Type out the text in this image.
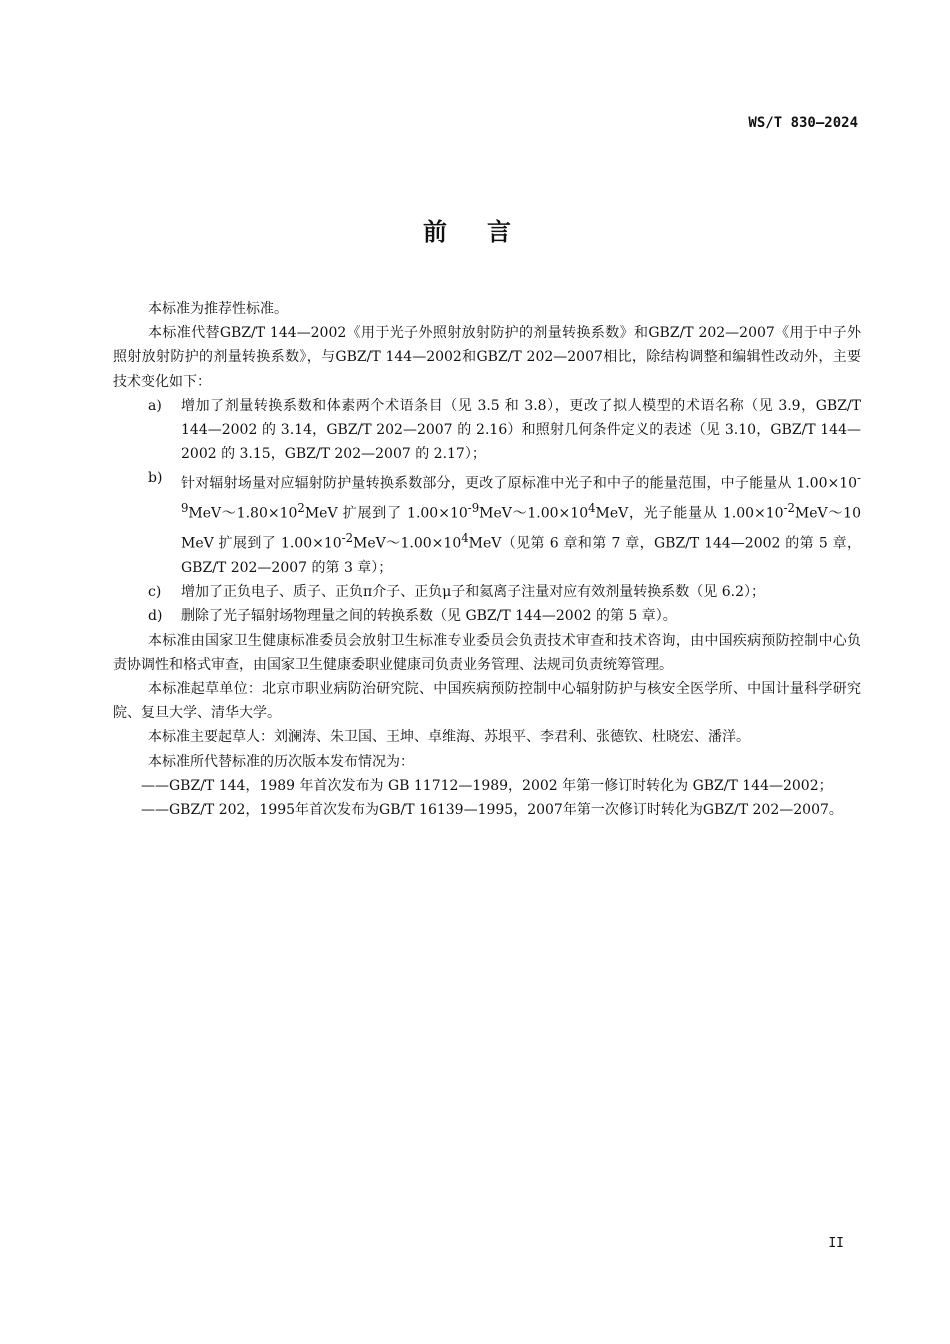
WS/T 830—2024
前言

本标准为推荐性标准。

本标准代替GBZ/T 144—2002《用于光子外照射放射防护的剂量转换系数》和GBZ/T 202—2007《用于中子外照射放射防护的剂量转换系数》，与GBZ/T 144—2002和GBZ/T 202—2007相比，除结构调整和编辑性改动外，主要技术变化如下：

a) 增加了剂量转换系数和体素两个术语条目（见 3.5 和 3.8），更改了拟人模型的术语名称（见 3.9，GBZ/T 144—2002 的 3.14，GBZ/T 202—2007 的 2.16）和照射几何条件定义的表述（见 3.10，GBZ/T 144—2002 的 3.15，GBZ/T 202—2007 的 2.17）；
b) 针对辐射场量对应辐射防护量转换系数部分，更改了原标准中光子和中子的能量范围，中子能量从 $1.00\times 10^{-9}MeV\sim 1.80\times 10^2MeV$ 扩展到了 $1.00\times 10^{-9}MeV\sim 1.00\times 10^4MeV$，光子能量从 $1.00\times 10^{-2}MeV\sim 10$ MeV 扩展到了 $1.00\times 10^{-2}MeV\sim 1.00\times 10^4MeV$（见第 6 章和第 7 章，GBZ/T 144—2002 的第 5 章，GBZ/T 202—2007 的第 3 章）；
c) 增加了正负电子、质子、正负π介子、正负μ子和氦离子注量对应有效剂量转换系数（见 6.2）；
d) 删除了光子辐射场物理量之间的转换系数（见 GBZ/T 144—2002 的第 5 章）。

本标准由国家卫生健康标准委员会放射卫生标准专业委员会负责技术审查和技术咨询，由中国疾病预防控制中心负责协调性和格式审查，由国家卫生健康委职业健康司负责业务管理、法规司负责统筹管理。

本标准起草单位：北京市职业病防治研究院、中国疾病预防控制中心辐射防护与核安全医学所、中国计量科学研究院、复旦大学、清华大学。

本标准主要起草人：刘澜涛、朱卫国、王坤、卓维海、苏垠平、李君利、张德钦、杜晓宏、潘洋。

本标准所代替标准的历次版本发布情况为：

——GBZ/T 144，1989 年首次发布为 GB 11712—1989，2002 年第一修订时转化为 GBZ/T 144—2002；

——GBZ/T 202，1995年首次发布为GB/T 16139—1995，2007年第一次修订时转化为GBZ/T 202—2007。

II
